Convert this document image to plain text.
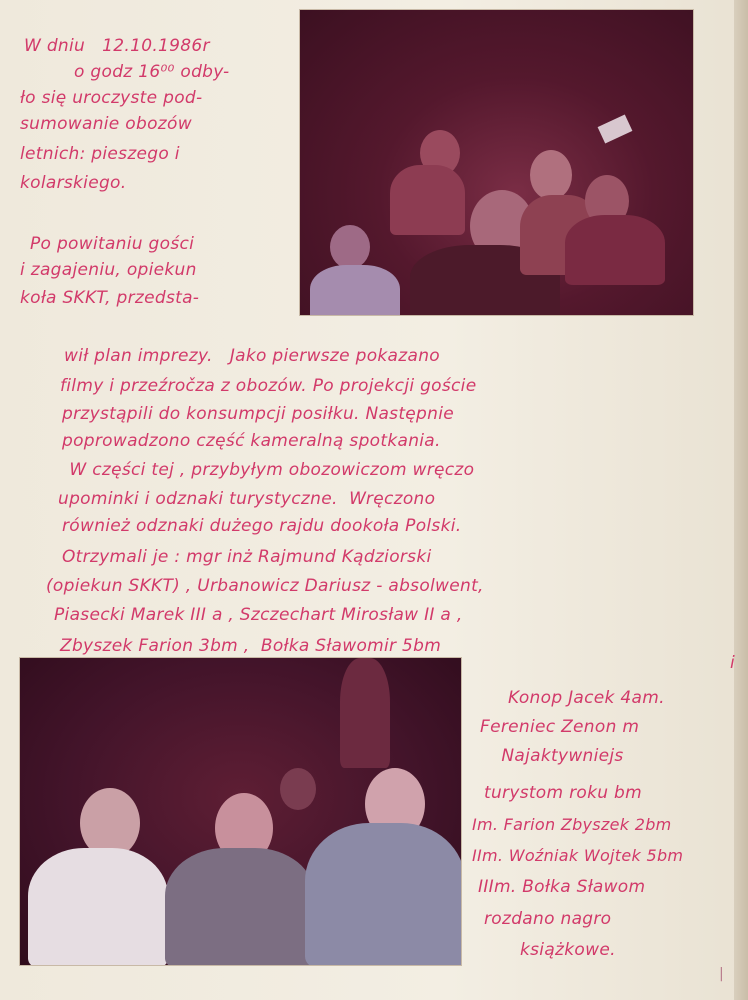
W dniu   12.10.1986r

o godz 16⁰⁰ odby-

ło się uroczyste pod-

sumowanie obozów

letnich: pieszego i

kolarskiego.

Po powitaniu gości

i zagajeniu, opiekun

koła SKKT, przedsta-

wił plan imprezy.   Jako pierwsze pokazano

filmy i przeźročza z obozów. Po projekcji goście

przystąpili do konsumpcji posiłku. Następnie

poprowadzono część kameralną spotkania.

W części tej , przybyłym obozowiczom wręczo

upominki i odznaki turystyczne.  Wręczono

również odznaki dużego rajdu dookoła Polski.

Otrzymali je : mgr inż Rajmund Kądziorski

(opiekun SKKT) , Urbanowicz Dariusz - absolwent,

Piasecki Marek III a , Szczechart Mirosław II a ,

Zbyszek Farion 3bm ,  Bołka Sławomir 5bm

i

Konop Jacek 4am.

Fereniec Zenon m

Najaktywniejs

turystom roku bm

Im. Farion Zbyszek 2bm

IIm. Woźniak Wojtek 5bm

IIIm. Bołka Sławom

rozdano nagro

książkowe.

|
